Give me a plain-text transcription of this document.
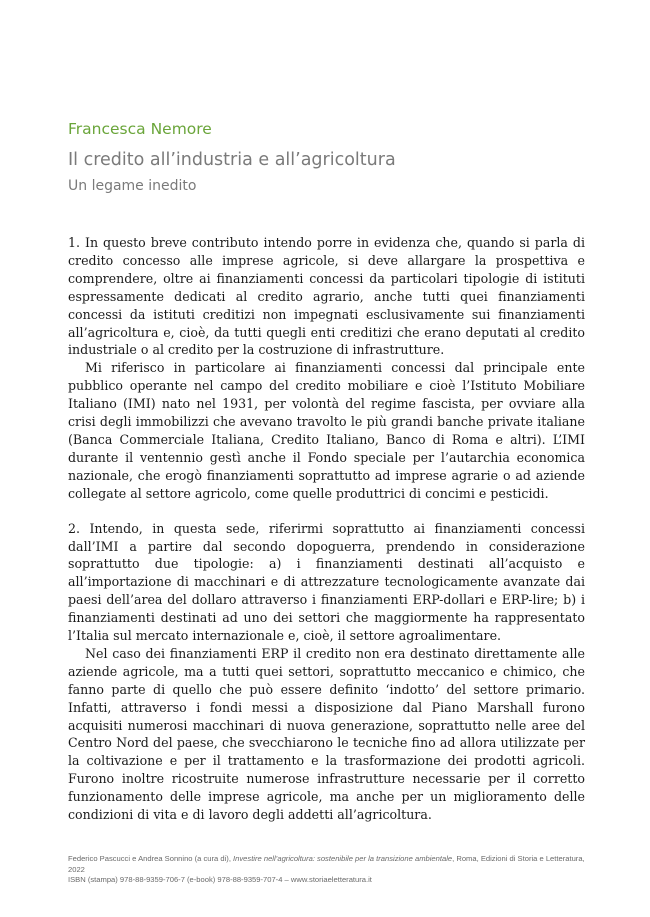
Francesca Nemore
Il credito all’industria e all’agricoltura
Un legame inedito

1. In questo breve contributo intendo porre in evidenza che, quando si parla di credito concesso alle imprese agricole, si deve allargare la prospettiva e comprendere, oltre ai finanziamenti concessi da particolari tipologie di istituti espressamente dedicati al credito agrario, anche tutti quei finanziamenti concessi da istituti creditizi non impegnati esclusivamente sui finanziamenti all’agricoltura e, cioè, da tutti quegli enti creditizi che erano deputati al credito industriale o al credito per la costruzione di infrastrutture.

Mi riferisco in particolare ai finanziamenti concessi dal principale ente pubblico operante nel campo del credito mobiliare e cioè l’Istituto Mobiliare Italiano (IMI) nato nel 1931, per volontà del regime fascista, per ovviare alla crisi degli immobilizzi che avevano travolto le più grandi banche private italiane (Banca Commerciale Italiana, Credito Italiano, Banco di Roma e altri). L’IMI durante il ventennio gestì anche il Fondo speciale per l’autarchia economica nazionale, che erogò finanziamenti soprattutto ad imprese agrarie o ad aziende collegate al settore agricolo, come quelle produttrici di concimi e pesticidi.

2. Intendo, in questa sede, riferirmi soprattutto ai finanziamenti concessi dall’IMI a partire dal secondo dopoguerra, prendendo in considerazione soprattutto due tipologie: a) i finanziamenti destinati all’acquisto e all’importazione di macchinari e di attrezzature tecnologicamente avanzate dai paesi dell’area del dollaro attraverso i finanziamenti ERP-dollari e ERP-lire; b) i finanziamenti destinati ad uno dei settori che maggiormente ha rappresentato l’Italia sul mercato internazionale e, cioè, il settore agroalimentare.

Nel caso dei finanziamenti ERP il credito non era destinato direttamente alle aziende agricole, ma a tutti quei settori, soprattutto meccanico e chimico, che fanno parte di quello che può essere definito ‘indotto’ del settore primario. Infatti, attraverso i fondi messi a disposizione dal Piano Marshall furono acquisiti numerosi macchinari di nuova generazione, soprattutto nelle aree del Centro Nord del paese, che svecchiarono le tecniche fino ad allora utilizzate per la coltivazione e per il trattamento e la trasformazione dei prodotti agricoli. Furono inoltre ricostruite numerose infrastrutture necessarie per il corretto funzionamento delle imprese agricole, ma anche per un miglioramento delle condizioni di vita e di lavoro degli addetti all’agricoltura.

Federico Pascucci e Andrea Sonnino (a cura di), Investire nell’agricoltura: sostenibile per la transizione ambientale, Roma, Edizioni di Storia e Letteratura, 2022
ISBN (stampa) 978-88-9359-706-7 (e-book) 978-88-9359-707-4 – www.storiaeletteratura.it
